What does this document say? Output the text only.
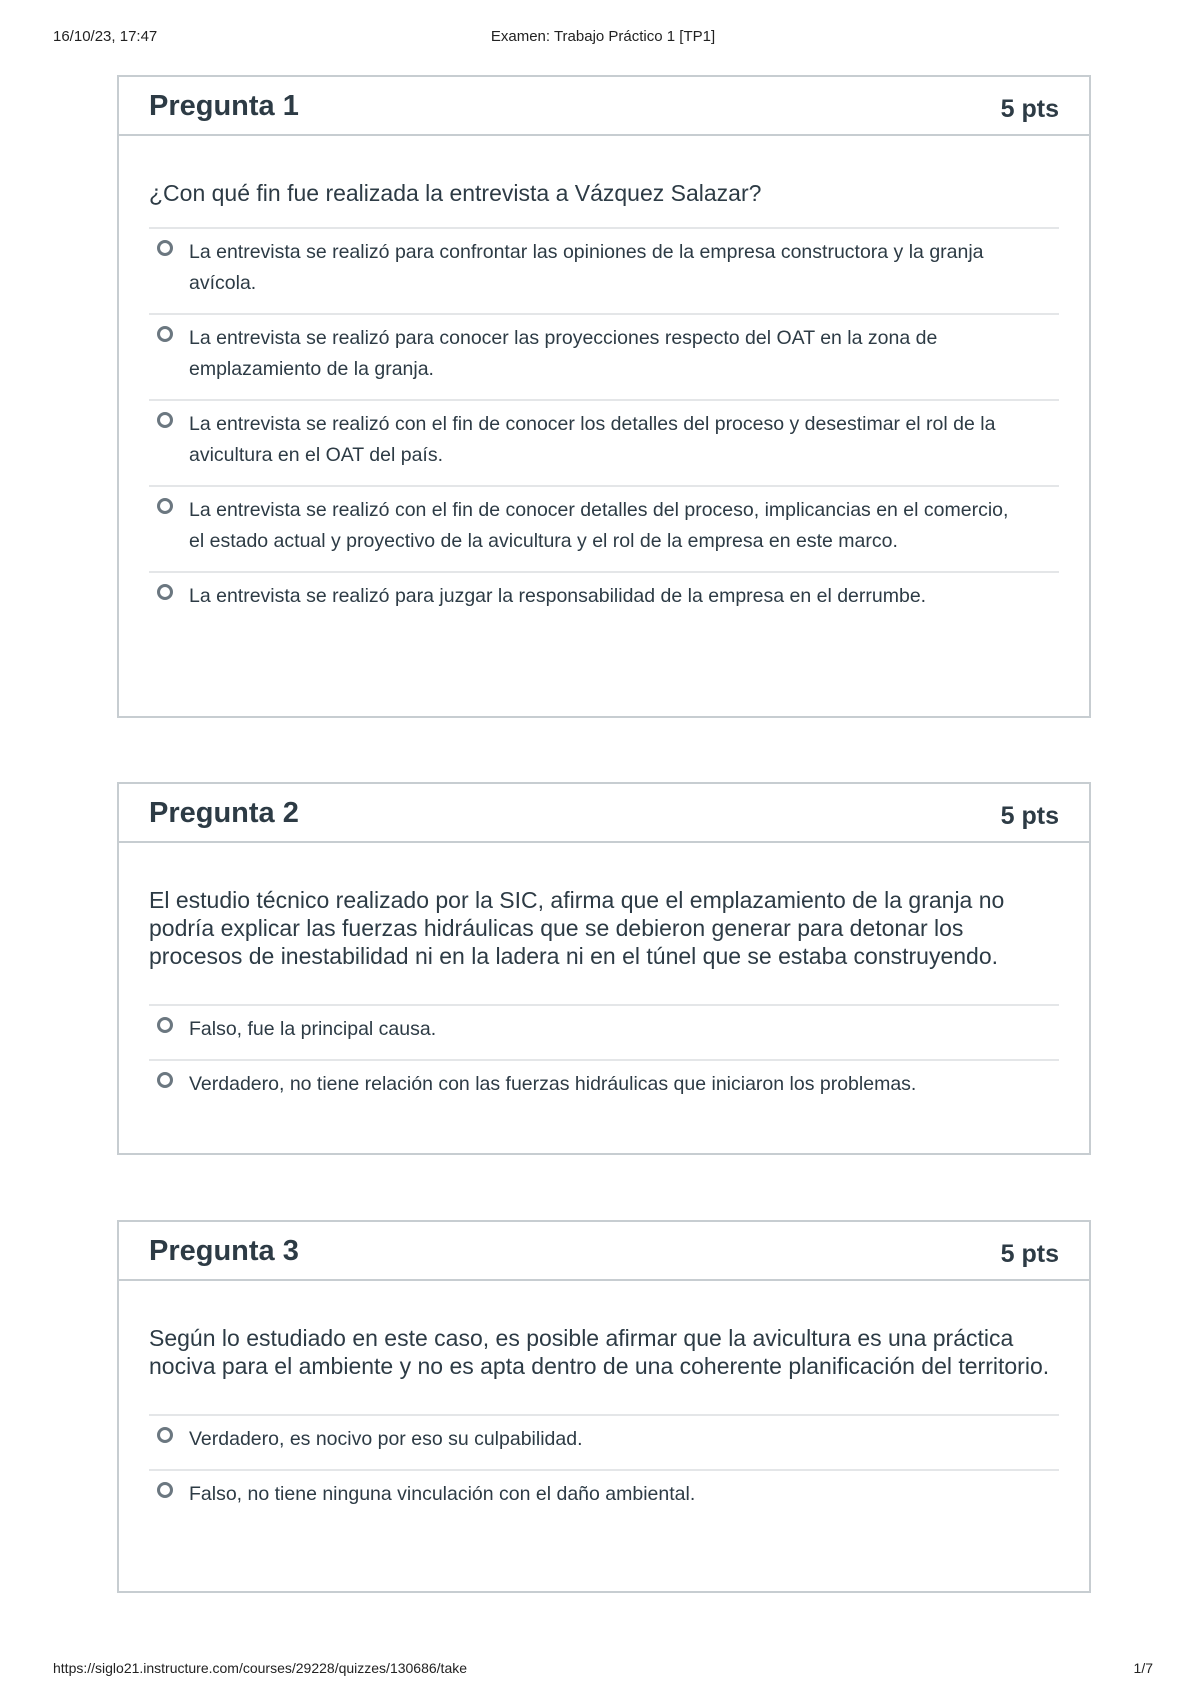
16/10/23, 17:47	Examen: Trabajo Práctico 1 [TP1]
Pregunta 1	5 pts
¿Con qué fin fue realizada la entrevista a Vázquez Salazar?
La entrevista se realizó para confrontar las opiniones de la empresa constructora y la granja avícola.
La entrevista se realizó para conocer las proyecciones respecto del OAT en la zona de emplazamiento de la granja.
La entrevista se realizó con el fin de conocer los detalles del proceso y desestimar el rol de la avicultura en el OAT del país.
La entrevista se realizó con el fin de conocer detalles del proceso, implicancias en el comercio, el estado actual y proyectivo de la avicultura y el rol de la empresa en este marco.
La entrevista se realizó para juzgar la responsabilidad de la empresa en el derrumbe.
Pregunta 2	5 pts
El estudio técnico realizado por la SIC, afirma que el emplazamiento de la granja no podría explicar las fuerzas hidráulicas que se debieron generar para detonar los procesos de inestabilidad ni en la ladera ni en el túnel que se estaba construyendo.
Falso, fue la principal causa.
Verdadero, no tiene relación con las fuerzas hidráulicas que iniciaron los problemas.
Pregunta 3	5 pts
Según lo estudiado en este caso, es posible afirmar que la avicultura es una práctica nociva para el ambiente y no es apta dentro de una coherente planificación del territorio.
Verdadero, es nocivo por eso su culpabilidad.
Falso, no tiene ninguna vinculación con el daño ambiental.
https://siglo21.instructure.com/courses/29228/quizzes/130686/take	1/7
